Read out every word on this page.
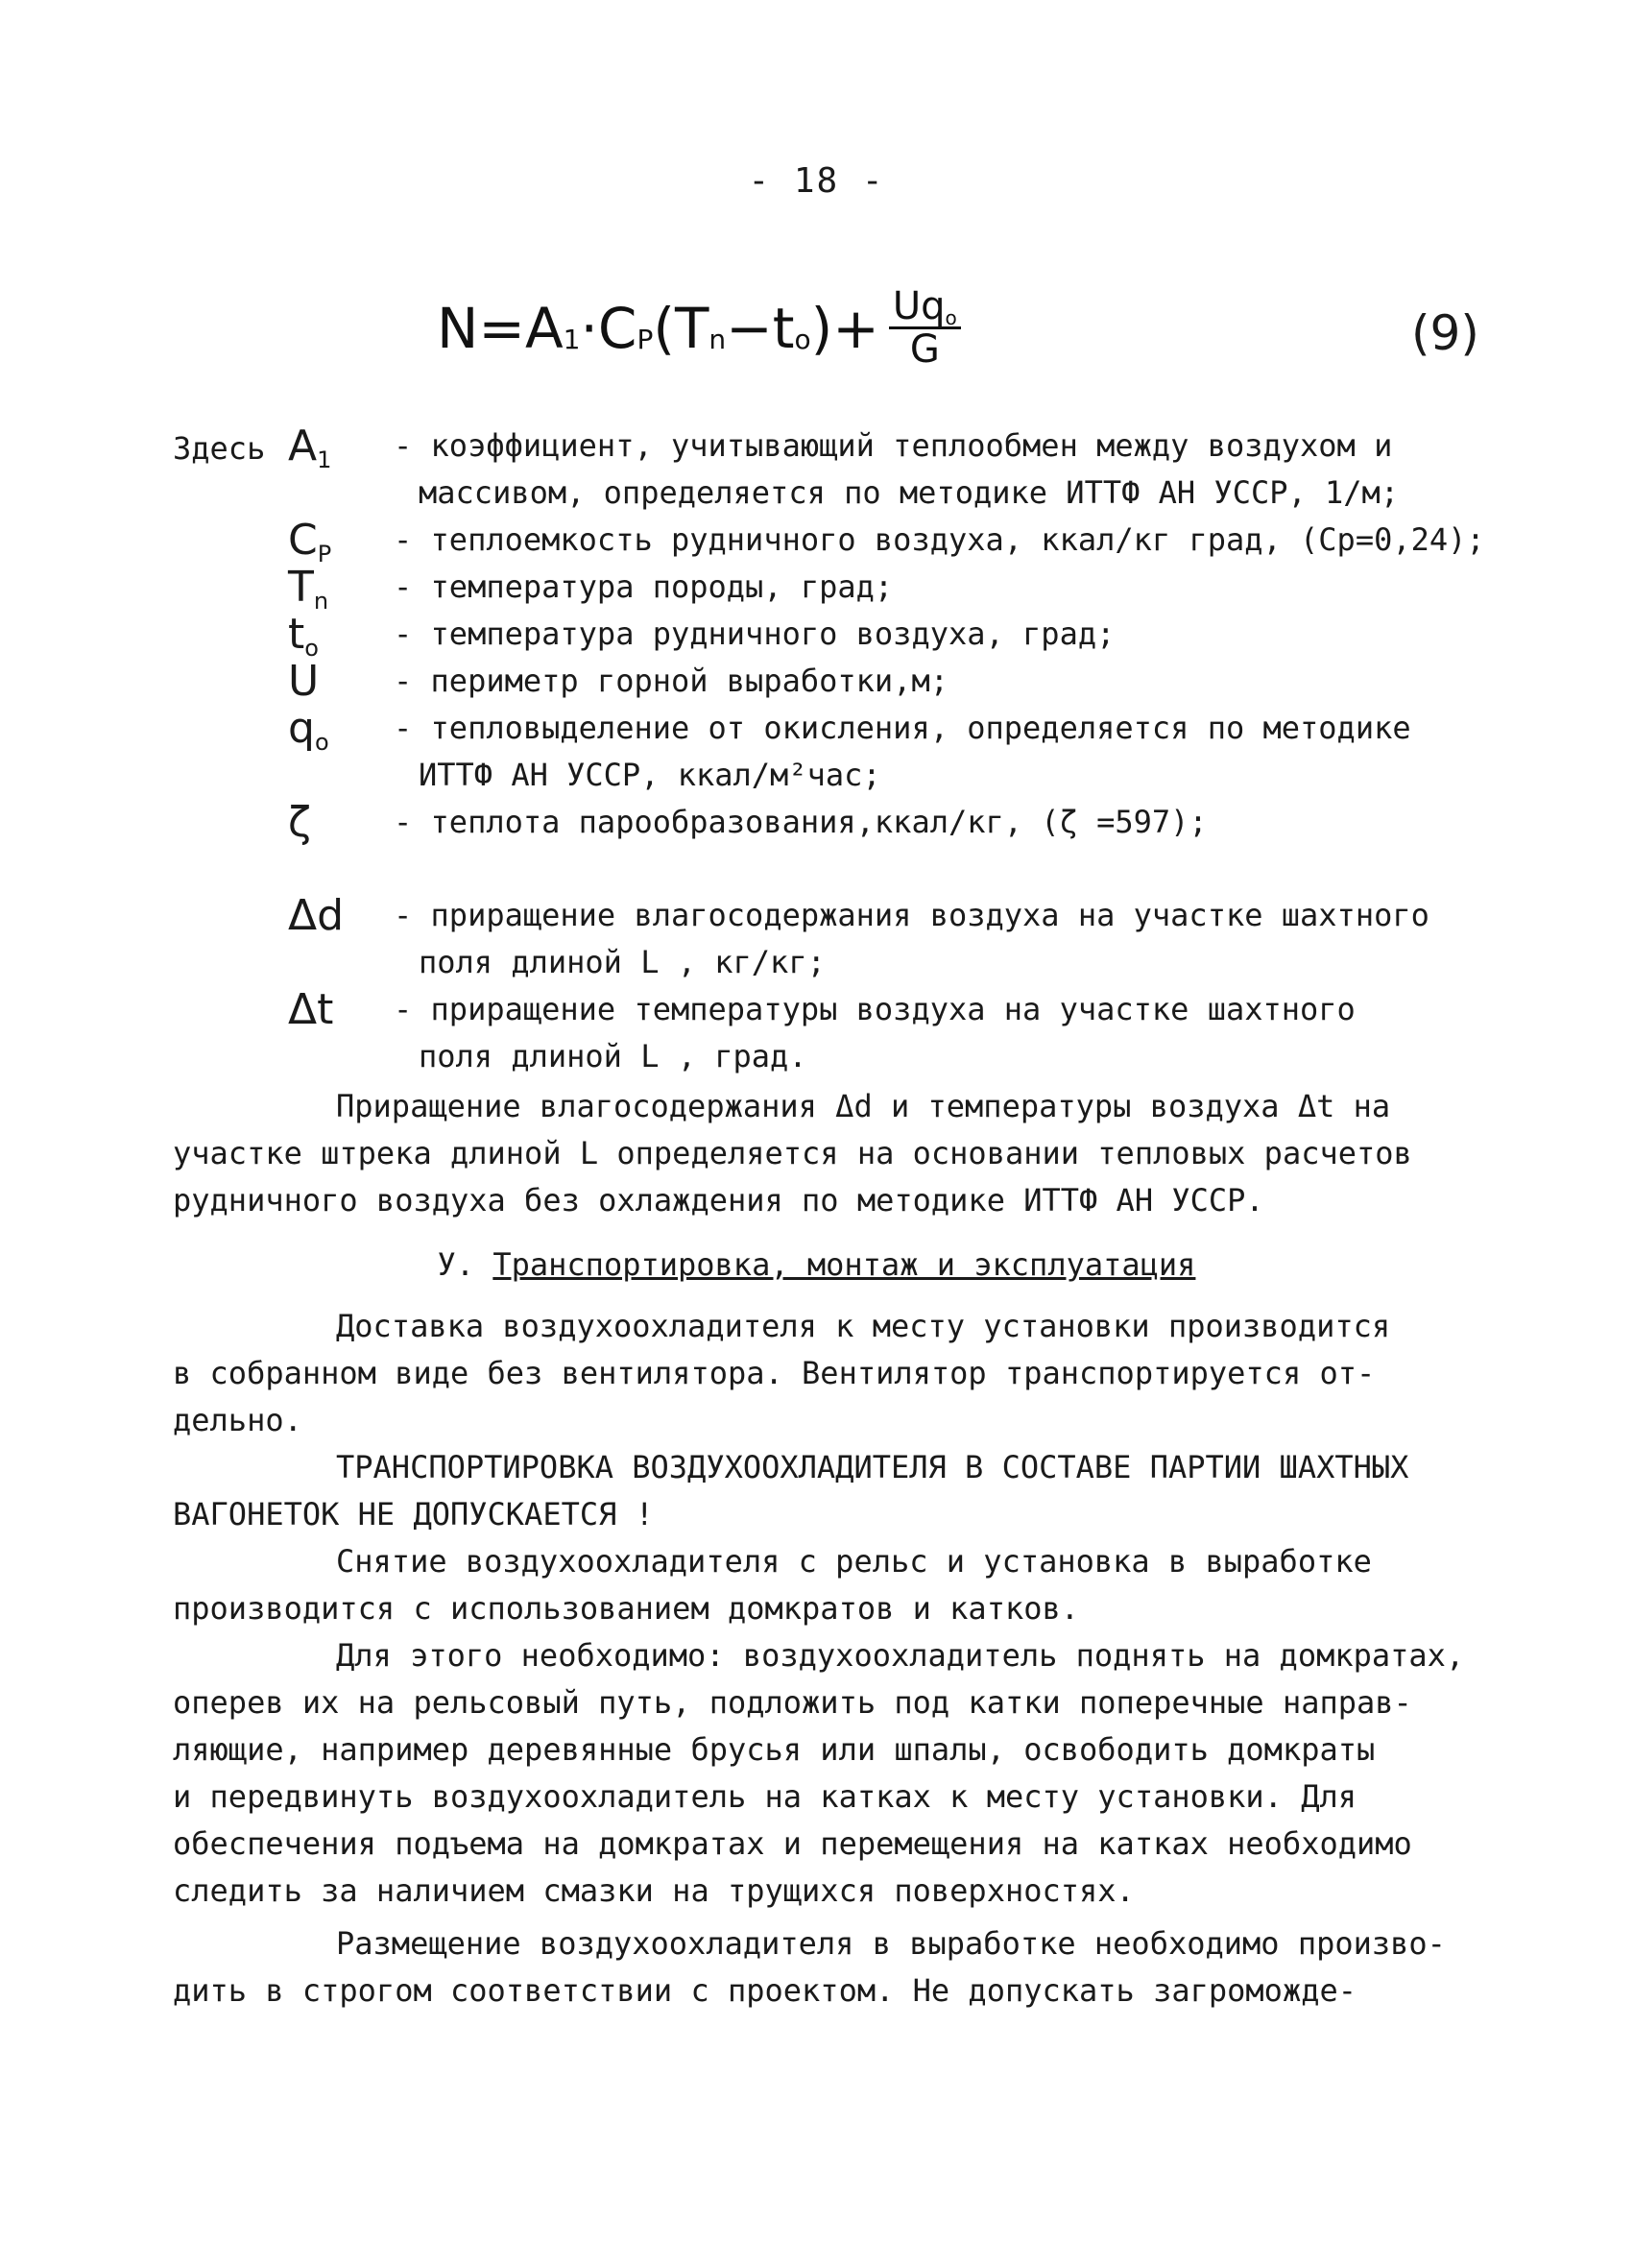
- 18 -
N=A 1 ·C P (T n −t o )+ $\frac{\text{Uqo}}{G}$	(9)
Здесь A1	- коэффициент, учитывающий теплообмен между воздухом и
массивом, определяется по методике ИТТФ АН УССР, 1/м;
CP	- теплоемкость рудничного воздуха, ккал/кг град, (Cp=0,24);
Tn	- температура породы, град;
to	- температура рудничного воздуха, град;
U	- периметр горной выработки,м;
qo	- тепловыделение от окисления, определяется по методике
ИТТФ АН УССР, ккал/м²час;
ζ	- теплота парообразования,ккал/кг, (ζ =597);
Δd	- приращение влагосодержания воздуха на участке шахтного
поля длиной L , кг/кг;
Δt	- приращение температуры воздуха на участке шахтного
поля длиной L , град.
Приращение влагосодержания Δd и температуры воздуха Δt на
участке штрека длиной L определяется на основании тепловых расчетов
рудничного воздуха без охлаждения по методике ИТТФ АН УССР.
У. Транспортировка, монтаж и эксплуатация
Доставка воздухоохладителя к месту установки производится
в собранном виде без вентилятора. Вентилятор транспортируется от-
дельно.
ТРАНСПОРТИРОВКА ВОЗДУХООХЛАДИТЕЛЯ В СОСТАВЕ ПАРТИИ ШАХТНЫХ
ВАГОНЕТОК НЕ ДОПУСКАЕТСЯ !
Снятие воздухоохладителя с рельс и установка в выработке
производится с использованием домкратов и катков.
Для этого необходимо: воздухоохладитель поднять на домкратах,
оперев их на рельсовый путь, подложить под катки поперечные направ-
ляющие, например деревянные брусья или шпалы, освободить домкраты
и передвинуть воздухоохладитель на катках к месту установки. Для
обеспечения подъема на домкратах и перемещения на катках необходимо
следить за наличием смазки на трущихся поверхностях.
Размещение воздухоохладителя в выработке необходимо произво-
дить в строгом соответствии с проектом. Не допускать загроможде-
